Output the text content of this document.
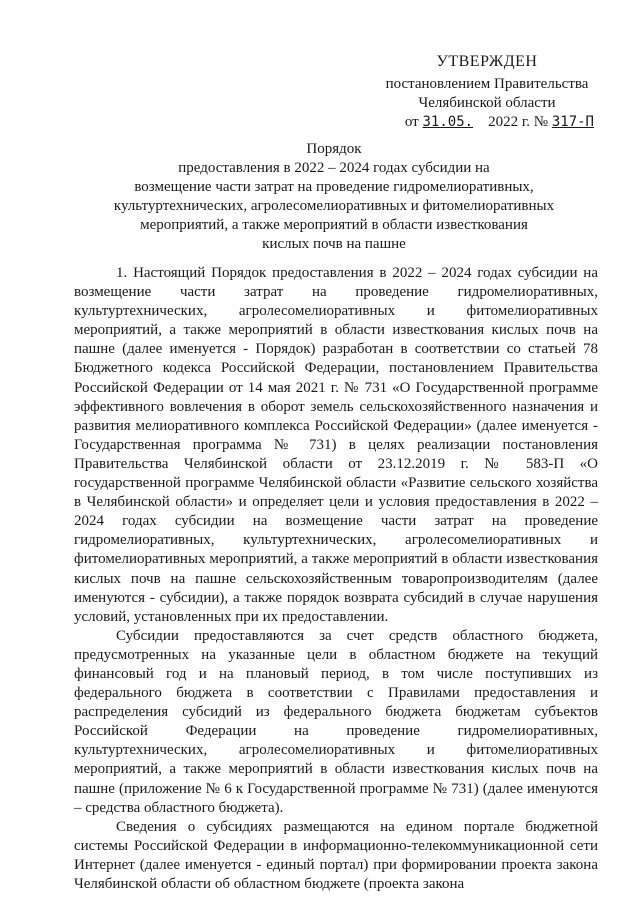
УТВЕРЖДЕН
постановлением Правительства
Челябинской области
от 31.05. 2022 г. № 317-П
Порядок
предоставления в 2022 – 2024 годах субсидии на
возмещение части затрат на проведение гидромелиоративных,
культуртехнических, агролесомелиоративных и фитомелиоративных
мероприятий, а также мероприятий в области известкования
кислых почв на пашне

1. Настоящий Порядок предоставления в 2022 – 2024 годах субсидии на возмещение части затрат на проведение гидромелиоративных, культуртехнических, агролесомелиоративных и фитомелиоративных мероприятий, а также мероприятий в области известкования кислых почв на пашне (далее именуется - Порядок) разработан в соответствии со статьей 78 Бюджетного кодекса Российской Федерации, постановлением Правительства Российской Федерации от 14 мая 2021 г. № 731 «О Государственной программе эффективного вовлечения в оборот земель сельскохозяйственного назначения и развития мелиоративного комплекса Российской Федерации» (далее именуется - Государственная программа № 731) в целях реализации постановления Правительства Челябинской области от 23.12.2019 г. № 583-П «О государственной программе Челябинской области «Развитие сельского хозяйства в Челябинской области» и определяет цели и условия предоставления в 2022 – 2024 годах субсидии на возмещение части затрат на проведение гидромелиоративных, культуртехнических, агролесомелиоративных и фитомелиоративных мероприятий, а также мероприятий в области известкования кислых почв на пашне сельскохозяйственным товаропроизводителям (далее именуются - субсидии), а также порядок возврата субсидий в случае нарушения условий, установленных при их предоставлении.

Субсидии предоставляются за счет средств областного бюджета, предусмотренных на указанные цели в областном бюджете на текущий финансовый год и на плановый период, в том числе поступивших из федерального бюджета в соответствии с Правилами предоставления и распределения субсидий из федерального бюджета бюджетам субъектов Российской Федерации на проведение гидромелиоративных, культуртехнических, агролесомелиоративных и фитомелиоративных мероприятий, а также мероприятий в области известкования кислых почв на пашне (приложение № 6 к Государственной программе № 731) (далее именуются – средства областного бюджета).

Сведения о субсидиях размещаются на едином портале бюджетной системы Российской Федерации в информационно-телекоммуникационной сети Интернет (далее именуется - единый портал) при формировании проекта закона Челябинской области об областном бюджете (проекта закона
